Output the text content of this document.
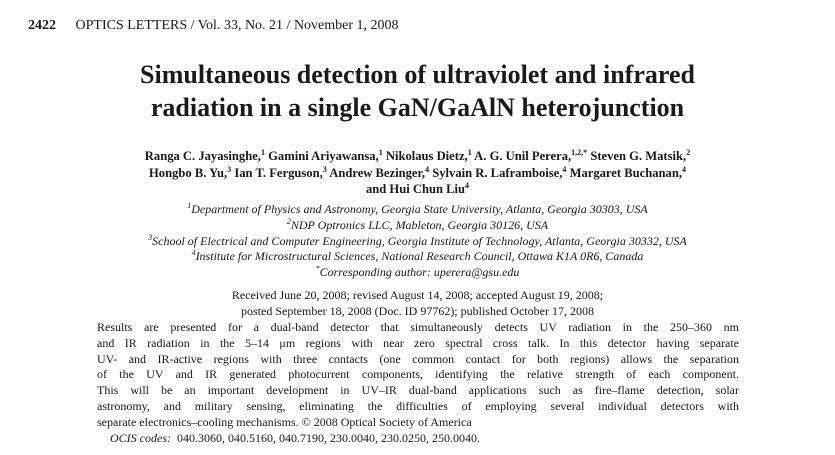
2422 OPTICS LETTERS / Vol. 33, No. 21 / November 1, 2008
Simultaneous detection of ultraviolet and infrared
radiation in a single GaN/GaAlN heterojunction
Ranga C. Jayasinghe,$^1$ Gamini Ariyawansa,$^1$ Nikolaus Dietz,$^1$ A. G. Unil Perera,$^{1,2,*}$ Steven G. Matsik,$^2$
Hongbo B. Yu,$^3$ Ian T. Ferguson,$^3$ Andrew Bezinger,$^4$ Sylvain R. Laframboise,$^4$ Margaret Buchanan,$^4$
and Hui Chun Liu$^4$
$^1$Department of Physics and Astronomy, Georgia State University, Atlanta, Georgia 30303, USA
$^2$NDP Optronics LLC, Mableton, Georgia 30126, USA
$^3$School of Electrical and Computer Engineering, Georgia Institute of Technology, Atlanta, Georgia 30332, USA
$^4$Institute for Microstructural Sciences, National Research Council, Ottawa K1A 0R6, Canada
*Corresponding author: uperera@gsu.edu
Received June 20, 2008; revised August 14, 2008; accepted August 19, 2008;
posted September 18, 2008 (Doc. ID 97762); published October 17, 2008
Results are presented for a dual-band detector that simultaneously detects UV radiation in the 250–360 nm
and IR radiation in the 5–14 μm regions with near zero spectral cross talk. In this detector having separate
UV- and IR-active regions with three contacts (one common contact for both regions) allows the separation
of the UV and IR generated photocurrent components, identifying the relative strength of each component.
This will be an important development in UV–IR dual-band applications such as fire–flame detection, solar
astronomy, and military sensing, eliminating the difficulties of employing several individual detectors with
separate electronics–cooling mechanisms. © 2008 Optical Society of America
OCIS codes: 040.3060, 040.5160, 040.7190, 230.0040, 230.0250, 250.0040.
